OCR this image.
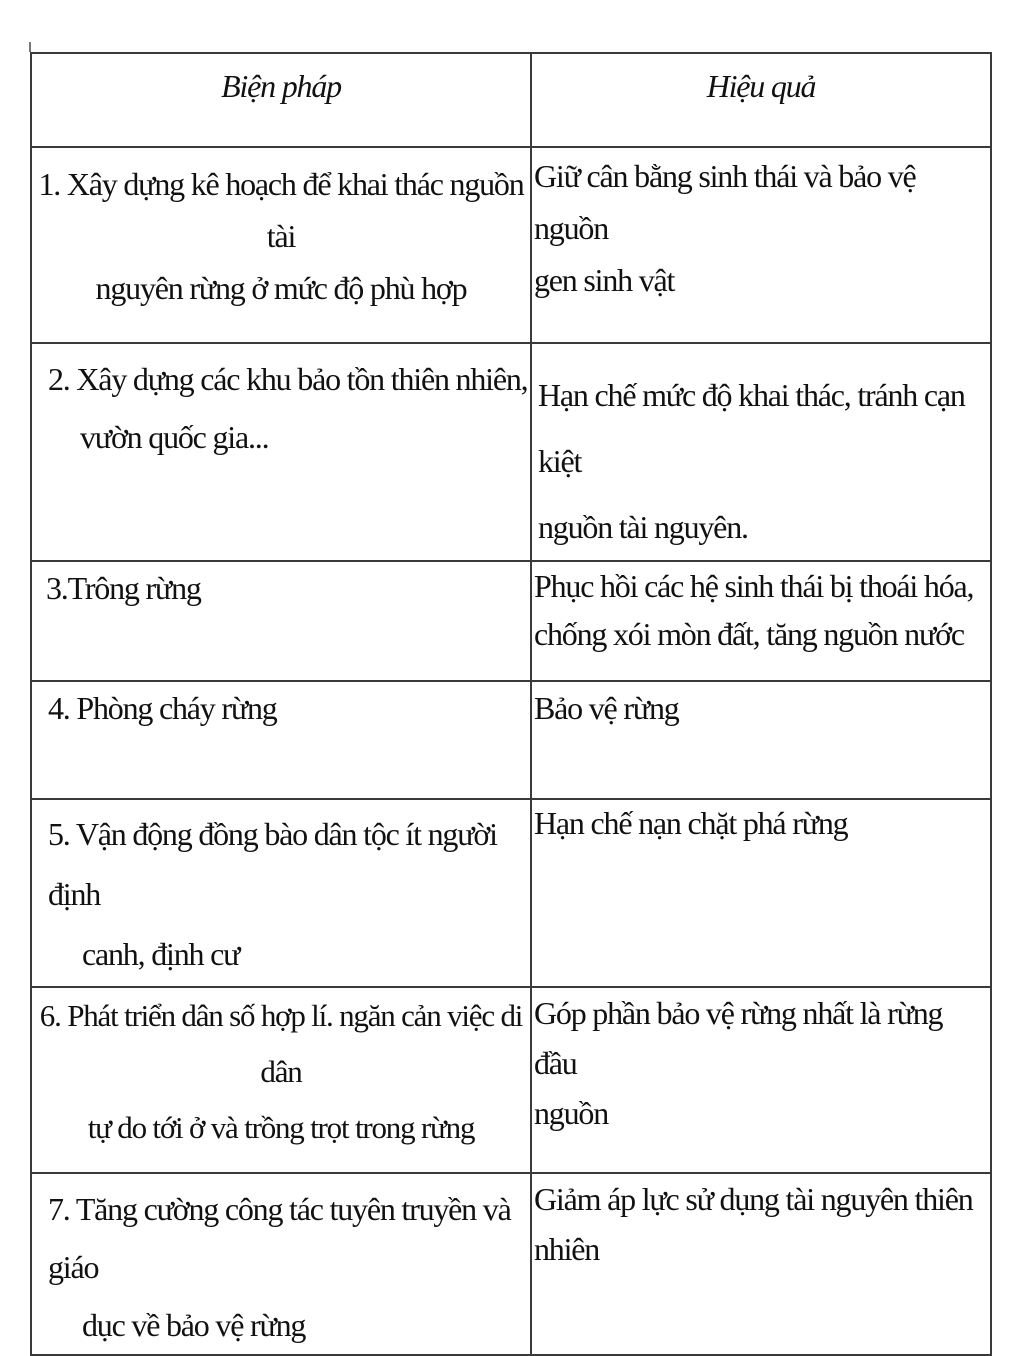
Biện pháp	Hiệu quả

1. Xây dựng kê hoạch để khai thác nguồn tài
nguyên rừng ở mức độ phù hợp	Giữ cân bằng sinh thái và bảo vệ nguồn
gen sinh vật

2. Xây dựng các khu bảo tồn thiên nhiên,
vườn quốc gia...	Hạn chế mức độ khai thác, tránh cạn kiệt
nguồn tài nguyên.

3.Trông rừng	Phục hồi các hệ sinh thái bị thoái hóa,
chống xói mòn đất, tăng nguồn nước

4. Phòng cháy rừng	Bảo vệ rừng

5. Vận động đồng bào dân tộc ít người định
canh, định cư	Hạn chế nạn chặt phá rừng

6. Phát triển dân số hợp lí. ngăn cản việc di dân
tự do tới ở và trồng trọt trong rừng	Góp phần bảo vệ rừng nhất là rừng đầu
nguồn

7. Tăng cường công tác tuyên truyền và giáo
dục về bảo vệ rừng	Giảm áp lực sử dụng tài nguyên thiên
nhiên
